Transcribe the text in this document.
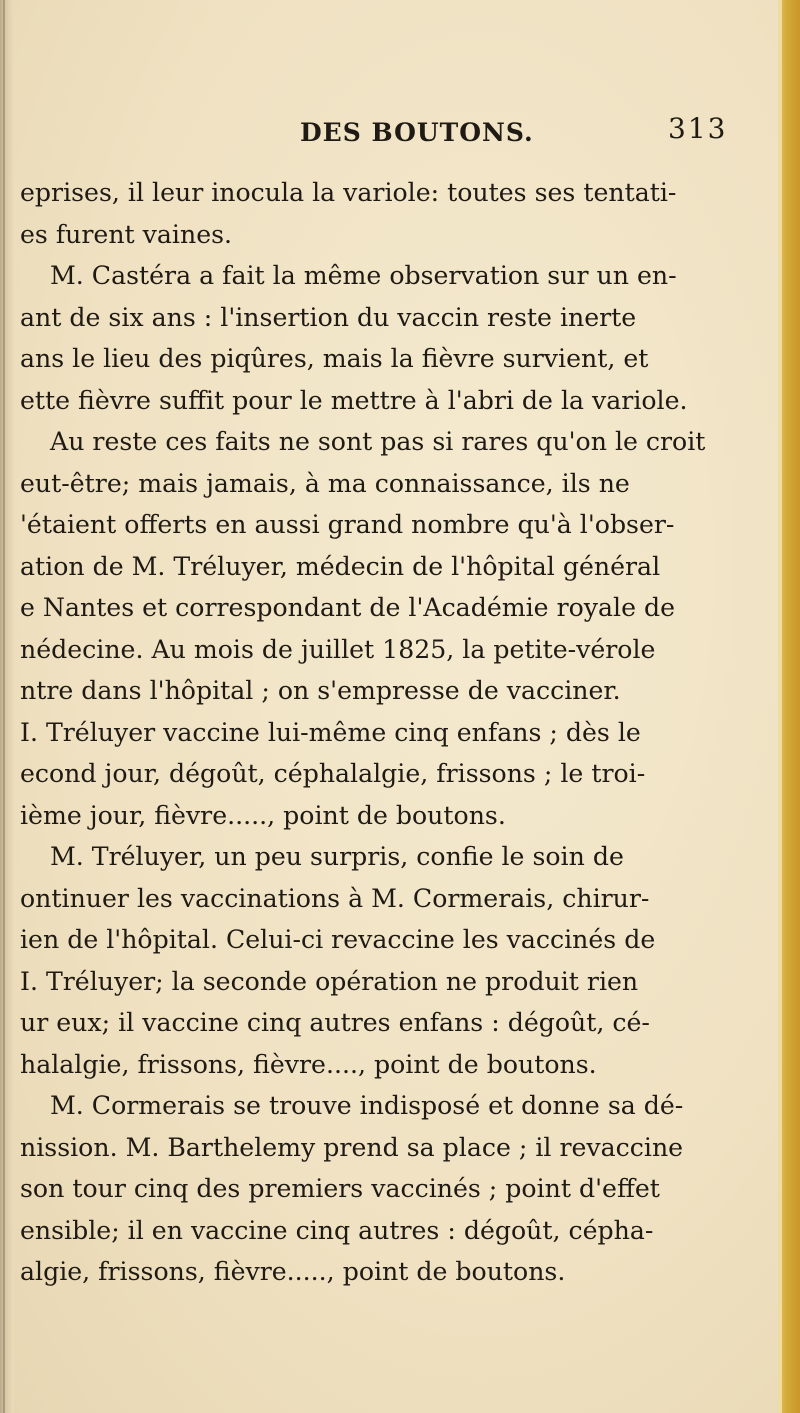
DES BOUTONS.	313
eprises, il leur inocula la variole: toutes ses tentati-
es furent vaines.
M. Castéra a fait la même observation sur un en-
ant de six ans : l'insertion du vaccin reste inerte
ans le lieu des piqûres, mais la fièvre survient, et
ette fièvre suffit pour le mettre à l'abri de la variole.
Au reste ces faits ne sont pas si rares qu'on le croit
eut-être; mais jamais, à ma connaissance, ils ne
'étaient offerts en aussi grand nombre qu'à l'obser-
ation de M. Tréluyer, médecin de l'hôpital général
e Nantes et correspondant de l'Académie royale de
nédecine. Au mois de juillet 1825, la petite-vérole
ntre dans l'hôpital ; on s'empresse de vacciner.
I. Tréluyer vaccine lui-même cinq enfans ; dès le
econd jour, dégoût, céphalalgie, frissons ; le troi-
ième jour, fièvre....., point de boutons.
M. Tréluyer, un peu surpris, confie le soin de
ontinuer les vaccinations à M. Cormerais, chirur-
ien de l'hôpital. Celui-ci revaccine les vaccinés de
I. Tréluyer; la seconde opération ne produit rien
ur eux; il vaccine cinq autres enfans : dégoût, cé-
halalgie, frissons, fièvre...., point de boutons.
M. Cormerais se trouve indisposé et donne sa dé-
nission. M. Barthelemy prend sa place ; il revaccine
son tour cinq des premiers vaccinés ; point d'effet
ensible; il en vaccine cinq autres : dégoût, cépha-
algie, frissons, fièvre....., point de boutons.
